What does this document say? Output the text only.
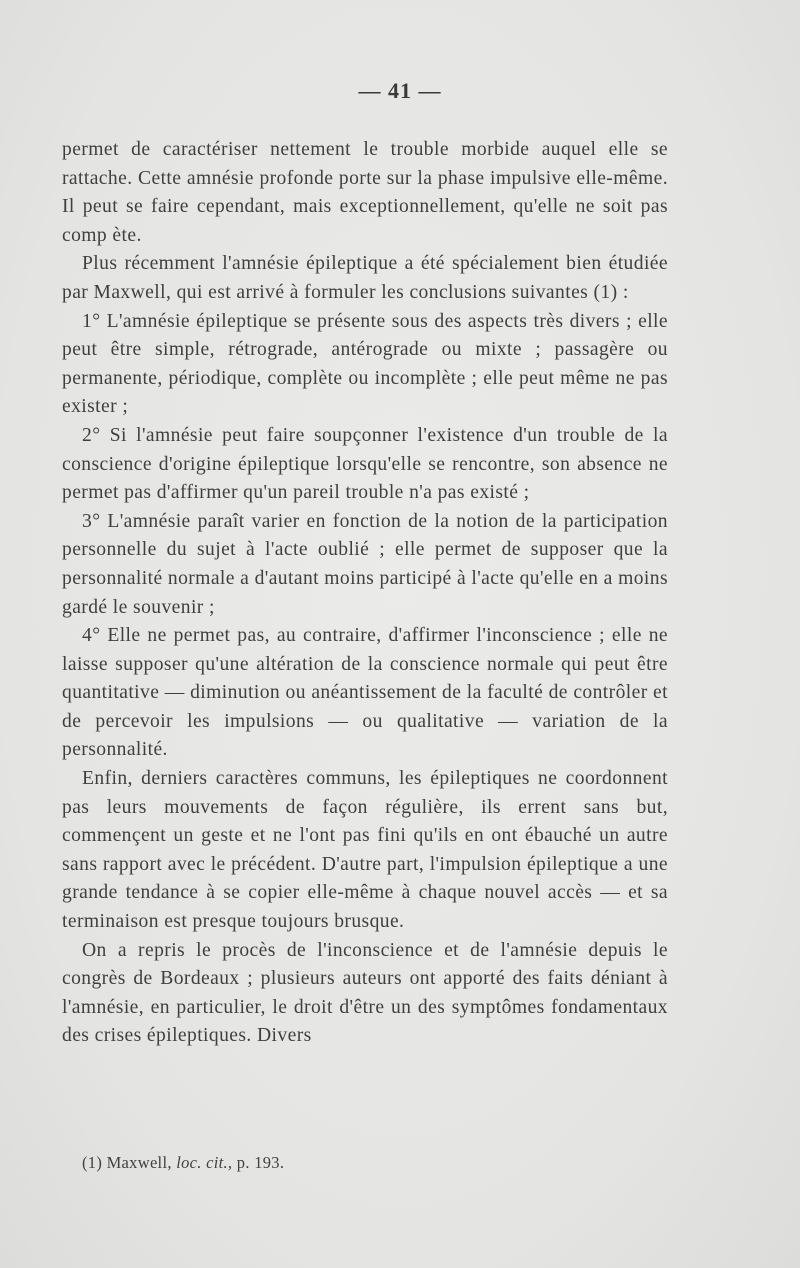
— 41 —

permet de caractériser nettement le trouble morbide auquel elle se rattache. Cette amnésie profonde porte sur la phase impulsive elle-même. Il peut se faire cependant, mais exceptionnellement, qu'elle ne soit pas comp ète.

Plus récemment l'amnésie épileptique a été spécialement bien étudiée par Maxwell, qui est arrivé à formuler les conclusions suivantes (1) :

1° L'amnésie épileptique se présente sous des aspects très divers ; elle peut être simple, rétrograde, antérograde ou mixte ; passagère ou permanente, périodique, complète ou incomplète ; elle peut même ne pas exister ;

2° Si l'amnésie peut faire soupçonner l'existence d'un trouble de la conscience d'origine épileptique lorsqu'elle se rencontre, son absence ne permet pas d'affirmer qu'un pareil trouble n'a pas existé ;

3° L'amnésie paraît varier en fonction de la notion de la participation personnelle du sujet à l'acte oublié ; elle permet de supposer que la personnalité normale a d'autant moins participé à l'acte qu'elle en a moins gardé le souvenir ;

4° Elle ne permet pas, au contraire, d'affirmer l'inconscience ; elle ne laisse supposer qu'une altération de la conscience normale qui peut être quantitative — diminution ou anéantissement de la faculté de contrôler et de percevoir les impulsions — ou qualitative — variation de la personnalité.

Enfin, derniers caractères communs, les épileptiques ne coordonnent pas leurs mouvements de façon régulière, ils errent sans but, commençent un geste et ne l'ont pas fini qu'ils en ont ébauché un autre sans rapport avec le précédent. D'autre part, l'impulsion épileptique a une grande tendance à se copier elle-même à chaque nouvel accès — et sa terminaison est presque toujours brusque.

On a repris le procès de l'inconscience et de l'amnésie depuis le congrès de Bordeaux ; plusieurs auteurs ont apporté des faits déniant à l'amnésie, en particulier, le droit d'être un des symptômes fondamentaux des crises épileptiques. Divers

(1) Maxwell, loc. cit., p. 193.
